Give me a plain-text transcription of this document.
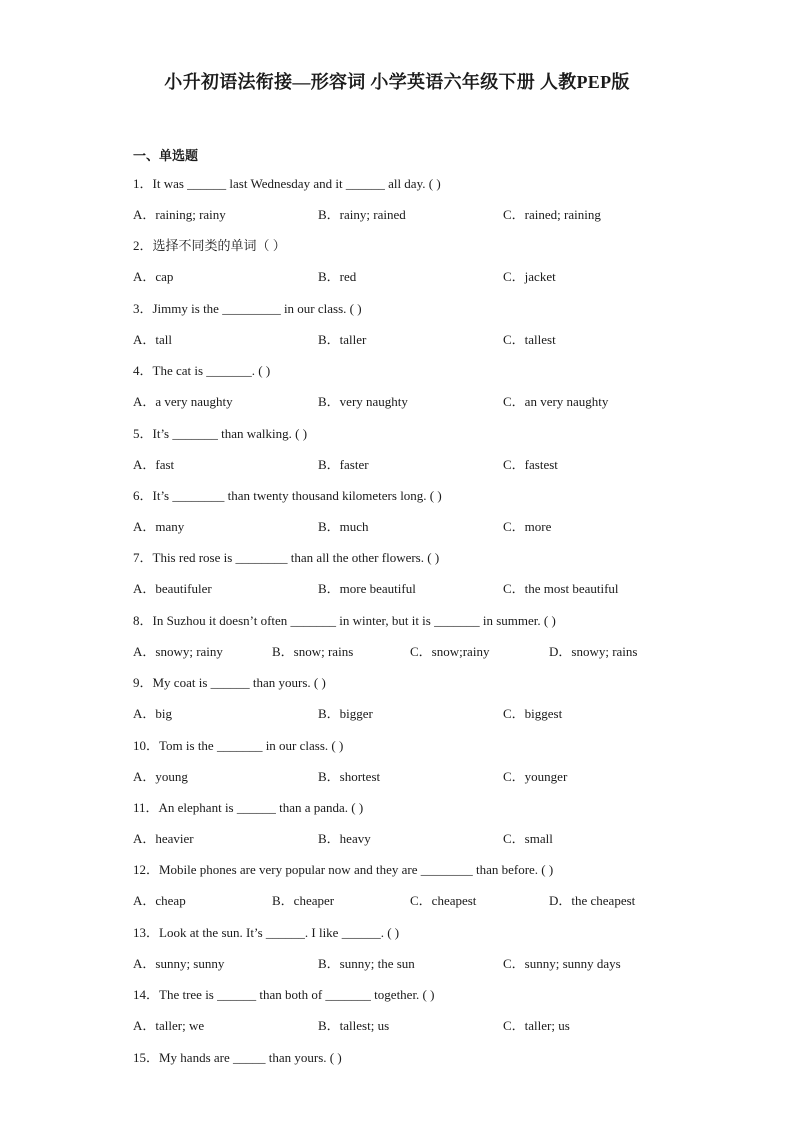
小升初语法衔接—形容词 小学英语六年级下册 人教PEP版
一、单选题
1．It was ______ last Wednesday and it ______ all day. ( )
A．raining; rainy	B．rainy; rained	C．rained; raining
2．选择不同类的单词（ ）
A．cap	B．red	C．jacket
3．Jimmy is the _________ in our class. ( )
A．tall	B．taller	C．tallest
4．The cat is _______. ( )
A．a very naughty	B．very naughty	C．an very naughty
5．It’s _______ than walking. ( )
A．fast	B．faster	C．fastest
6．It’s ________ than twenty thousand kilometers long. ( )
A．many	B．much	C．more
7．This red rose is ________ than all the other flowers. ( )
A．beautifuler	B．more beautiful	C．the most beautiful
8．In Suzhou it doesn’t often _______ in winter, but it is _______ in summer. ( )
A．snowy; rainy	B．snow; rains	C．snow;rainy	D．snowy; rains
9．My coat is ______ than yours. ( )
A．big	B．bigger	C．biggest
10．Tom is the _______ in our class. ( )
A．young	B．shortest	C．younger
11．An elephant is ______ than a panda. ( )
A．heavier	B．heavy	C．small
12．Mobile phones are very popular now and they are ________ than before. ( )
A．cheap	B．cheaper	C．cheapest	D．the cheapest
13．Look at the sun. It’s ______. I like ______. ( )
A．sunny; sunny	B．sunny; the sun	C．sunny; sunny days
14．The tree is ______ than both of _______ together. ( )
A．taller; we	B．tallest; us	C．taller; us
15．My hands are _____ than yours. ( )
